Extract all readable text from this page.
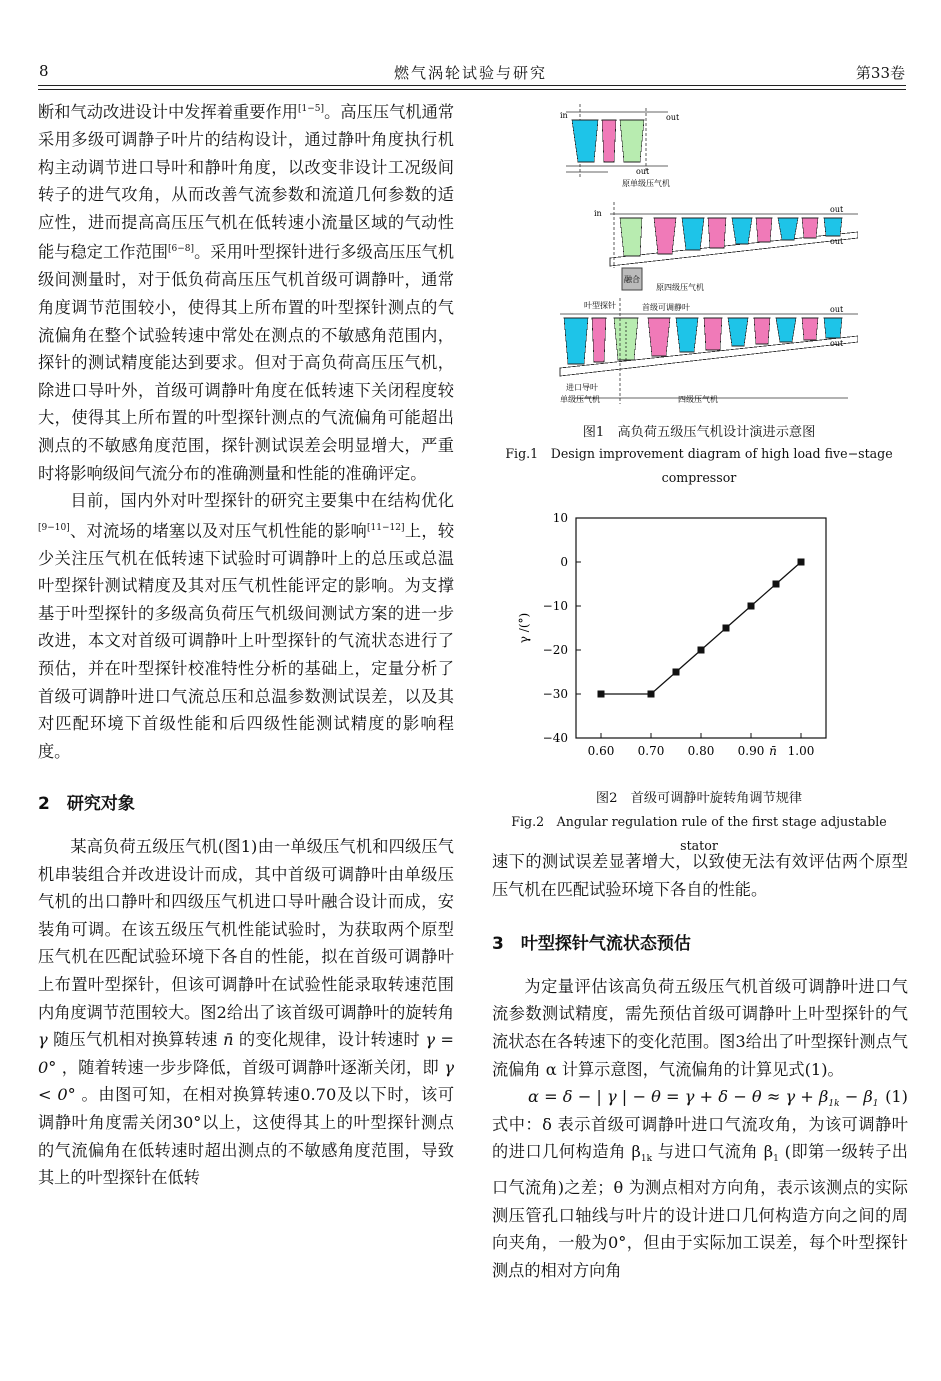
8	燃气涡轮试验与研究	第33卷

断和气动改进设计中发挥着重要作用[1−5]。高压压气机通常采用多级可调静子叶片的结构设计，通过静叶角度执行机构主动调节进口导叶和静叶角度，以改变非设计工况级间转子的进气攻角，从而改善气流参数和流道几何参数的适应性，进而提高高压压气机在低转速小流量区域的气动性能与稳定工作范围[6−8]。采用叶型探针进行多级高压压气机级间测量时，对于低负荷高压压气机首级可调静叶，通常角度调节范围较小，使得其上所布置的叶型探针测点的气流偏角在整个试验转速中常处在测点的不敏感角范围内，探针的测试精度能达到要求。但对于高负荷高压压气机，除进口导叶外，首级可调静叶角度在低转速下关闭程度较大，使得其上所布置的叶型探针测点的气流偏角可能超出测点的不敏感角度范围，探针测试误差会明显增大，严重时将影响级间气流分布的准确测量和性能的准确评定。

目前，国内外对叶型探针的研究主要集中在结构优化[9−10]、对流场的堵塞以及对压气机性能的影响[11−12]上，较少关注压气机在低转速下试验时可调静叶上的总压或总温叶型探针测试精度及其对压气机性能评定的影响。为支撑基于叶型探针的多级高负荷压气机级间测试方案的进一步改进，本文对首级可调静叶上叶型探针的气流状态进行了预估，并在叶型探针校准特性分析的基础上，定量分析了首级可调静叶进口气流总压和总温参数测试误差，以及其对匹配环境下首级性能和后四级性能测试精度的影响程度。

2　研究对象

某高负荷五级压气机(图1)由一单级压气机和四级压气机串装组合并改进设计而成，其中首级可调静叶由单级压气机的出口静叶和四级压气机进口导叶融合设计而成，安装角可调。在该五级压气机性能试验时，为获取两个原型压气机在匹配试验环境下各自的性能，拟在首级可调静叶上布置叶型探针，但该可调静叶在试验性能录取转速范围内角度调节范围较大。图2给出了该首级可调静叶的旋转角 γ 随压气机相对换算转速 n̄ 的变化规律，设计转速时 γ = 0° ，随着转速一步步降低，首级可调静叶逐渐关闭，即 γ < 0° 。由图可知，在相对换算转速0.70及以下时，该可调静叶角度需关闭30°以上，这使得其上的叶型探针测点的气流偏角在低转速时超出测点的不敏感角度范围，导致其上的叶型探针在低转

in	out
out
原单级压气机
in	out
out
融合
原四级压气机
首级可调静叶
叶型探针
进口导叶
单级压气机	四级压气机
out
out
图1　高负荷五级压气机设计演进示意图
Fig.1　Design improvement diagram of high load five−stage compressor
0.60 0.70 0.80 0.90 1.00
10
0
−10
−20
−30
−40
n̄
γ /(°)
图2　首级可调静叶旋转角调节规律
Fig.2　Angular regulation rule of the first stage adjustable stator

速下的测试误差显著增大，以致使无法有效评估两个原型压气机在匹配试验环境下各自的性能。

3　叶型探针气流状态预估

为定量评估该高负荷五级压气机首级可调静叶进口气流参数测试精度，需先预估首级可调静叶上叶型探针的气流状态在各转速下的变化范围。图3给出了叶型探针测点气流偏角 α 计算示意图，气流偏角的计算见式(1)。

α = δ − | γ | − $\theta = \gamma + \delta - \theta \approx \gamma + \beta_{1k} - \beta_1$ (1)

式中：δ 表示首级可调静叶进口气流攻角，为该可调静叶的进口几何构造角 $\beta_{1k}$ 与进口气流角 $\beta_1$ (即第一级转子出口气流角)之差；θ 为测点相对方向角，表示该测点的实际测压管孔口轴线与叶片的设计进口几何构造方向之间的周向夹角，一般为0°，但由于实际加工误差，每个叶型探针测点的相对方向角
